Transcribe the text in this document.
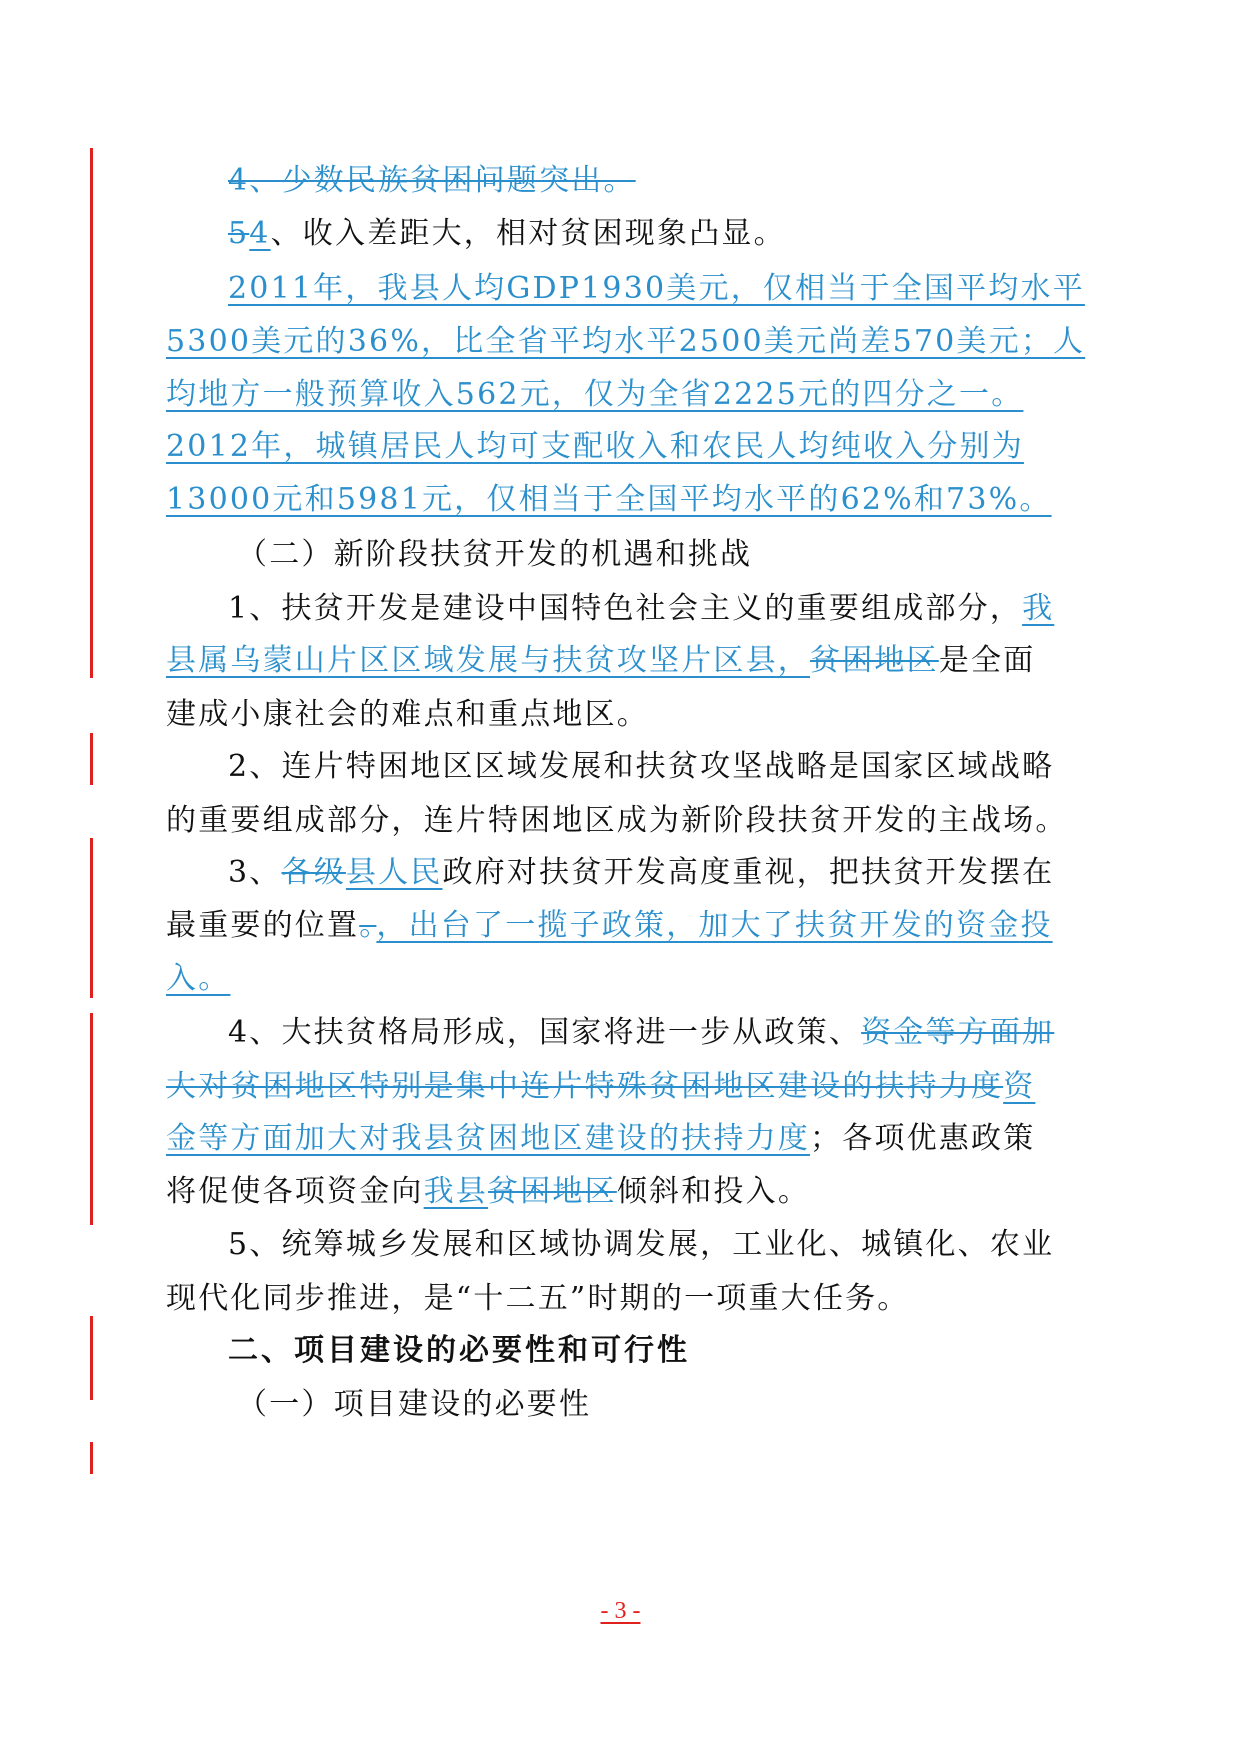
4、少数民族贫困问题突出。
54、收入差距大，相对贫困现象凸显。
2011年，我县人均GDP1930美元，仅相当于全国平均水平
5300美元的36%，比全省平均水平2500美元尚差570美元；人
均地方一般预算收入562元，仅为全省2225元的四分之一。
2012年，城镇居民人均可支配收入和农民人均纯收入分别为
13000元和5981元，仅相当于全国平均水平的62%和73%。
（二）新阶段扶贫开发的机遇和挑战
1、扶贫开发是建设中国特色社会主义的重要组成部分，我
县属乌蒙山片区区域发展与扶贫攻坚片区县，贫困地区是全面
建成小康社会的难点和重点地区。
2、连片特困地区区域发展和扶贫攻坚战略是国家区域战略
的重要组成部分，连片特困地区成为新阶段扶贫开发的主战场。
3、各级县人民政府对扶贫开发高度重视，把扶贫开发摆在
最重要的位置。，出台了一揽子政策，加大了扶贫开发的资金投
入。
4、大扶贫格局形成，国家将进一步从政策、资金等方面加
大对贫困地区特别是集中连片特殊贫困地区建设的扶持力度资
金等方面加大对我县贫困地区建设的扶持力度；各项优惠政策
将促使各项资金向我县贫困地区倾斜和投入。
5、统筹城乡发展和区域协调发展，工业化、城镇化、农业
现代化同步推进，是“十二五”时期的一项重大任务。
二、项目建设的必要性和可行性
（一）项目建设的必要性
- 3 -
